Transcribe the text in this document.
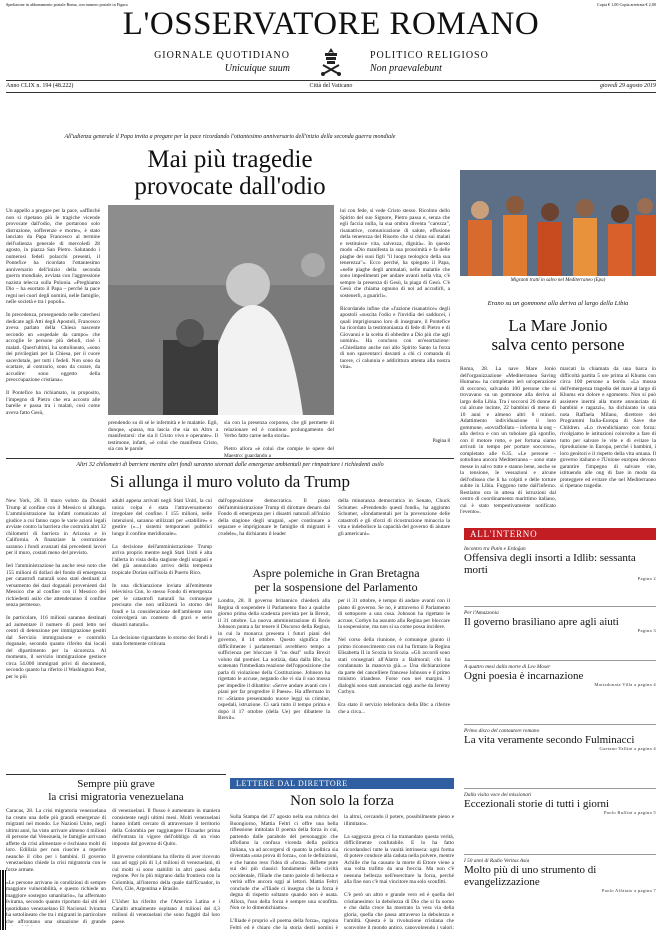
Spedizione in abbonamento postale Roma, con numero postale in Figura	Copia € 1,00 Copia arretrata € 2,00
L'OSSERVATORE ROMANO
GIORNALE QUOTIDIANO	POLITICO RELIGIOSO
Unicuique suum	Non praevalebunt
Anno CLIX n. 194 (48.222)	Città del Vaticano	giovedì 29 agosto 2019
All'udienza generale il Papa invita a pregare per la pace ricordando l'ottantesimo anniversario dell'inizio della seconda guerra mondiale
Mai più tragedie
provocate dall'odio
Un appello a pregare per la pace, «affinché non si ripetano più le tragiche vicende provocate dall'odio, che portarono solo distruzione, sofferenze e morte», è stato lanciato da Papa Francesco al termine dell'udienza generale di mercoledì 28 agosto, in piazza San Pietro. Salutando i numerosi fedeli polacchi presenti, il Pontefice ha ricordato l'ottantesimo anniversario dell'inizio della seconda guerra mondiale, avviata con l'aggressione nazista telecca sulla Polonia. «Preghiamo Dio – ha esortato il Papa – perché la pace regni nei cuori degli uomini, nelle famiglie, nelle società e tra i popoli».

In precedenza, proseguendo nelle catechesi dedicate agli Atti degli Apostoli, Francesco aveva parlato della Chiesa nascente secondo un «ospedale da campo» che accoglie le persone più deboli, cioè i malati. Quest'ultimi, ha sottolineato, «sono dei privilegiati per la Chiesa, per il cuore sacerdotale, per tutti i fedeli. Non sono da scartare, al contrario, sono da curare, da accudire: sono oggetto della preoccupazione cristiana».

Il Pontefice ha richiamato, in proposito, l'impegno di Pietro che era accosto alle barelle e passa tra i malati, così come aveva fatto Gesù,
prendendo su di sé le infermità e le malattie. Egli, dunque, «passa, ma lascia che sia un Altro a manifestarsi: che sia il Cristo vivo e operante». Il testimone, infatti, «è colui che manifesta Cristo, sia con le parole
sia con la presenza corporea, che gli permette di relazionare ed è continuo prolungamento del Verbo fatto carne nella storia».

Pietro allora «è colui che compie le opere del Maestro: guardando a
lui con fede, si vede Cristo stesso. Ricolmo dello Spirito del suo Signore, Pietro passa e, senza che egli faccia nulla, la sua ombra diventa "carezza", risanatrice, comunicazione di salute, effusione della tenerezza del Risorto che si china sui malati e restituisce vita, salvezza, dignità». In questo modo «Dio manifesta la sua prossimità e fa delle piaghe dei suoi figli "il luogo teologico della sua tenerezza"». Ecco perché, ha spiegato il Papa, «nelle piaghe degli ammalati, nelle malattie che sono impedimenti per andare avanti nella vita, c'è sempre la presenza di Gesù, la piaga di Gesù. C'è Gesù che chiama ognuno di noi ad accudirli, a sostenerli, a guarirli».

Ricordando infine che «l'azione risanatrice» degli apostoli «suscita l'odio e l'invidia dei sadducei, i quali imprigionano loro di insegnare, il Pontefice ha ricordato la testimonianza di fede di Pietro e di Giovanni e la scelta di obbedire a Dio più che agli uomini». Ha concluso con un'esortazione: «Chiediamo anche noi allo Spirito Santo la forza di non spaventarci davanti a chi ci comanda di tacere, ci calunnia e addirittura attenta alla nostra vita».
Pagina 8
Migranti tratti in salvo nel Mediterraneo (Epa)
Erano su un gommone alla deriva al largo della Libia
La Mare Jonio
salva cento persone
Roma, 28. La nave Mare Jonio dell'organizzazione «Mediterranea Saving Humans» ha completato ieri un'operazione di soccorso, salvando 100 persone che si trovavano su un gommone alla deriva al largo della Libia. Tra i soccorsi 26 donne di cui alcune incinte, 22 bambini di meno di 10 anni e almeno altri 6 minori. Adattimento individuazione il loro gommone, «sovraffollato – informa la ong – alla deriva e con un tubolare già sgonfio, con il motore rotto, e per fortuna siamo arrivati in tempo per portare soccorso», completato alle 6.35. «Le persone – sottolinea ancora Mediterranea – sono state messe in salvo tutte e stanno bene, anche se la tensione, le vessazioni e alcune dell'odissea che li ha colpiti e delle torture subite in Libia. Fuggono tutte dall'inferno. Restiamo ora in attesa di istruzioni dal centro di coordinamento marittimo italiano, cui è stato tempestivamente notificato l'evento».

marcati la chiamata da una barca in difficoltà partita 5 ore prima al Khums con circa 100 persone a bordo. «La mossa dell'emergenza tragedia del mare al largo di Khums era dolore e sgomento. Non si può assistere inermi alla morte annunciata di bambini e ragazzi», ha dichiarato in una nota Raffaela Milano, direttore dei Programmi Italia-Europa di Save the Children. «Lo rivendichiamo con forza: rivolgiamo le istituzioni coinvolte a fare di tutto per salvare le vite e di evitare la riproduzione in Europa, perché i bambini, i loro genitori e il rispetto della vita umana. Il governo italiano e l'Unione europea devono garantire l'impegno di salvare vite, istituendo alle ong di fare in modo da proteggere ed evitare che nel Mediterraneo si ripetano tragedie.
Altri 32 chilometri di barriere mentre altri fondi saranno stornati dalle emergenze ambientali per rimpatriare i richiedenti asilo
Si allunga il muro voluto da Trump
New York, 28. Il muro voluto da Donald Trump al confine con il Messico si allunga. L'amministrazione ha infatti comunicato al giudice a cui fanno capo le varie azioni legali avviate contro la barriera che costruirà altri 32 chilometri di barriera in Arizona e in California. A finanziare la costruzione saranno i fondi avanzati dai precedenti lavori per il muro, costati meno del previsto.

Ieri l'amministrazione ha anche reso noto che 155 milioni di dollari del fondo di emergenza per catastrofi naturali sono stati destinati al versamento dei dazi doganali provenienti dal Messico che al confine con il Messico dei richiedenti asilo che attenderanno il confine senza permesso.

In particolare, 116 milioni saranno destinati ad aumentare il numero di posti letto nei centri di detenzione per immigrazione gestiti dal Servizio immigrazione e controllo doganale, secondo quanto riferito dai locali del dipartimento per la sicurezza. Al momento, il servizio immigrazione gestisce circa 54.000 immigrati privi di documenti, secondo quanto ha riferito il Washington Post, per lo più
adulti appena arrivati negli Stati Uniti, la cui unica colpa è stata l'attraversamento irregolare del confine. I 155 milioni, nelle intenzioni, saranno utilizzati per «stabilire» e gestire («...) sistemi temporanei pubblici lungo il confine meridionale».

La decisione dell'amministrazione Trump arriva proprio mentre negli Stati Uniti è alta l'allerta in vista della stagione degli uragani e del già annunciato arrivo della tempesta tropicale Dorian sull'isola di Puerto Rico.

In una dichiarazione inviata all'emittente televisiva Cnn, lo stesso Fondo di emergenza per le catastrofi naturali ha comunque precisato che non utilizzerà lo storno dei fondi e la considerazione dell'ambiente non coinvolgerà un contesto di gravi e serie disastri naturali».

La decisione riguardante lo storno dei fondi è stata fortemente criticata
dall'opposizione democratica. Il piano dell'amministrazione Trump di dirottare denaro dal Fondo di emergenza per i disastri naturali all'inizio della stagione degli uragani, «per continuare a separare e imprigionare le famiglie di migranti è crudele», ha dichiarato il leader
della minoranza democratica in Senato, Chuck Schumer. «Prendendo questi fondi», ha aggiunto Schumer, «fondamentali per la prevenzione delle catastrofi e gli sforzi di ricostruzione minaccia la vita e indebolisce la capacità del governo di aiutare gli americani».
Aspre polemiche in Gran Bretagna
per la sospensione del Parlamento
Londra, 28. Il governo britannico chiederà alla Regina di sospendere il Parlamento fino a qualche giorno prima della scadenza prevista per la Brexit, il 31 ottobre. La nuova amministrazione di Boris Johnson punta a far tenere il Discorso della Regina, in cui la monarca presenta i futuri piani del governo, il 14 ottobre. Questo significa che difficilmente i parlamentari avrebbero tempo a sufficienza per bloccare il "no deal" sulla Brexit voluto dal premier. La notizia, data dalla Bbc, ha scatenato l'immediata reazione dell'opposizione che parla di violazione della Costituzione. Johnson ha rigettato le accuse, negando che vi sia il suo mossa per impedire il dibattito: «Serve andare avanti con i piani per far progredire il Paese». Ha affermato in tv: «Stiamo presentando nuove leggi su crimine, ospedali, istruzione. Ci sarà tutto il tempo prima e dopo il 17 ottobre (della Ue) per dibattere la Brexit».
per il 31 ottobre, è tempo di andare avanti con il piano di governo. Se no, è attraverso il Parlamento di sottoporre a una cosa. Johnson ha rigettato le accuse, Corbyn ha assunto alla Regina per bloccare la sospensione, ma non si sa come possa incidere.

Nel corso della riunione, è comunque giunto il primo riconoscimento con cui ha firmato la Regina Elisabetta II in Scozia in Scozia. «Gli accordi sono stati consegnati all'Alarm a Balmoral; chi ha condannato la manovra già...» Una dichiarazione da parte del cancelliere francese Johnson e il primo ministro irlandese. Forse non nei margini. I dialoghi sono stati annunciati oggi anche da Jeremy Corbyn.

Era stato il servizio telefonico della Bbc a riferire che a circa...
Sempre più grave
la crisi migratoria venezuelana
Caracas, 28. La crisi migratoria venezuelana ha creato una delle più grandi emergenze di migranti nel mondo. Le Nazioni Unite, negli ultimi anni, ha visto arrivare almeno 4 milioni di persone dal Venezuela, le famiglie arrivano affette da crisi alimentare e rischiano molti di loro. Edilizia per non riuscire a reperire neanche il cibo per i bambini. Il governo venezuelano chiede la crisi migratoria con le forze armate.

«Le persone arrivano in condizioni di sempre maggiore vulnerabilità, e questo richiede un maggiore sostegno umanitario», ha affermato Ivirama, secondo quanto riportato dai siti del quotidiano venezuelano El Nacional. Ivirama ha sottolineato che tra i migranti in particolare che affrontano una situazione di grande
di venezuelani. Il flusso è aumentato in maniera consistente negli ultimi mesi. Molti venezuelani hanno infatti cercato di attraversare il territorio della Colombia per raggiungere l'Ecuador prima dell'entrata in vigore dell'obbligo di un visto imposto dal governo di Quito.

Il governo colombiano ha riferito di aver ricevuto una ad oggi più di 1,4 milioni di venezuelani, di cui molti si sono stabiliti in altri paesi della regione. Per lo più migrano dalla frontiera con la Colombia, all'interno della quale dall'Ecuador, in Perù, Cile, Argentina e Brasile.

L'Usher ha riferito che l'America Latina e i Caraibi attualmente ospitano 4 milioni dei 4,3 milioni di venezuelani che sono fuggiti dal loro paese.
LETTERE DAL DIRETTORE
Non solo la forza
Sulla Stampa del 27 agosto nella sua rubrica del Buongiorno, Mattia Feltri ci offre una bella riflessione intitolata Il poema della forza in cui, partendo dalle parabole del personaggio che affollano la confusa vicenda della politica italiana, va ad accorgersi di quanto la politica sia diventata «una prova di forza», con le definizioni, e che hanno reso l'idea di «forza». Riflette pure sui dei più classici fondamenti della civiltà occidentale, l'Iliade che tanto parole di bellezza e verità offre ancora oggi ai lettori. Mattia Feltri conclude che «l'Iliade ci insegna che la forza è degna di rispetto soltanto quando non è usata. Allora, l'uso della forza è sempre una sconfitta. Non ce lo dimentichiamo».

L'Iliade è proprio «il poema della forza», ragiona Feltri ed è chiaro che la storia degli uomini è
la altrui, cercando il potere, possibilmente pieno e illimitato».

La saggezza greca ci ha tramandato questa verità, difficilmente confutabile. E lo ha fatto ricordandoci tutte la vanità intrinseca: ogni forma di potere conduce alla caduta nella polvere, mentre Achille che ha causato la morte di Ettore viene a sua volta trafitto da una freccia. Ma non c'è nessuna bellezza nell'esercitare la forza, perché alla fine non c'è mai vincitore ma solo sconfitti.

C'è però un altro e grande vero ed è quella del cristianesimo: la debolezza di Dio che si fa uomo e che dalla croce ha mostrato la vera via della gloria, quella che passa attraverso la debolezza e l'umiltà. Questa è la rivoluzione cristiana che sconvolge il mondo antico, capovolgendo i valori:
ALL'INTERNO
Incontro tra Putin e Erdoğan
Offensiva degli insorti a Idlib: sessanta morti
Pagina 2
Per l'Amazzonia
Il governo brasiliano apre agli aiuti
Pagina 3
A quattro mesi dalla morte di Leo Moser
Ogni poesia è incarnazione
Mariadonata Villa a pagina 4
Primo disco del cantautore romano
La vita veramente secondo Fulminacci
Gaetano Vallini a pagina 4
Dalla visita voce dei missionari
Eccezionali storie di tutti i giorni
Paolo Ruffini a pagina 5
I 50 anni di Radio Veritas Asia
Molto più di uno strumento di evangelizzazione
Paolo Affatato a pagina 7
